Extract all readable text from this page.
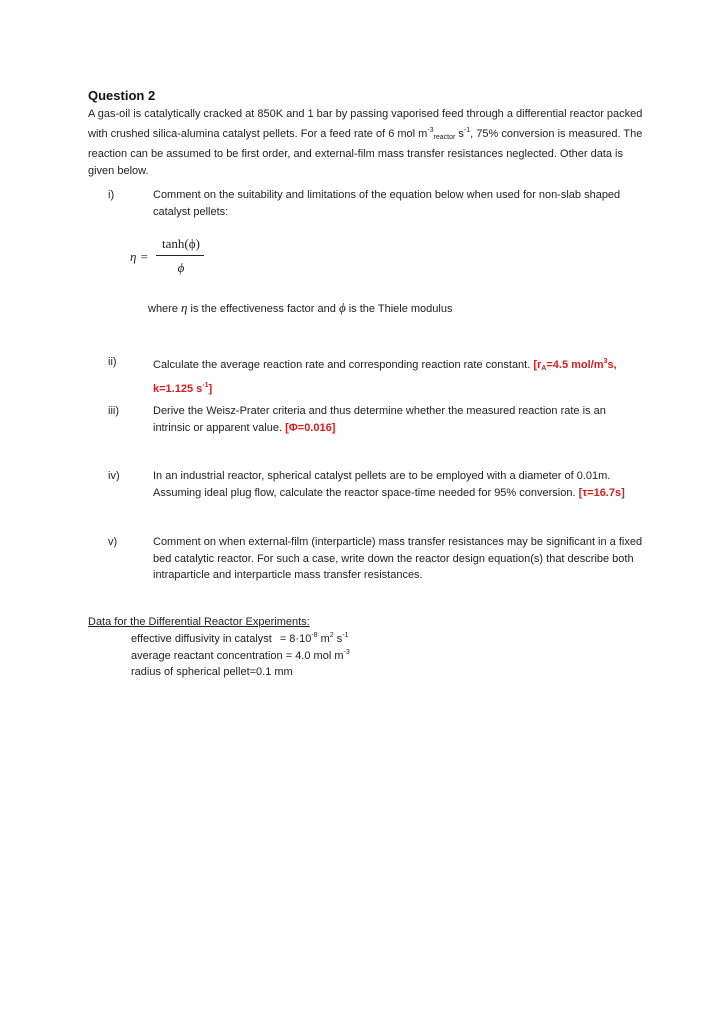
Question 2
A gas-oil is catalytically cracked at 850K and 1 bar by passing vaporised feed through a differential reactor packed with crushed silica-alumina catalyst pellets. For a feed rate of 6 mol $m^{-3}_{reactor}$ $s^{-1}$, 75% conversion is measured. The reaction can be assumed to be first order, and external-film mass transfer resistances neglected. Other data is given below.
i)	Comment on the suitability and limitations of the equation below when used for non-slab shaped catalyst pellets:
η =
tanh(ϕ)
ϕ
where η is the effectiveness factor and ϕ is the Thiele modulus
ii)	Calculate the average reaction rate and corresponding reaction rate constant. [$r_A=4.5$ mol/$m^3s$, k=1.125 $s^{-1}$]
iii)	Derive the Weisz-Prater criteria and thus determine whether the measured reaction rate is an intrinsic or apparent value. [Φ=0.016]
iv)	In an industrial reactor, spherical catalyst pellets are to be employed with a diameter of 0.01m. Assuming ideal plug flow, calculate the reactor space-time needed for 95% conversion. [τ=16.7s]
v)	Comment on when external-film (interparticle) mass transfer resistances may be significant in a fixed bed catalytic reactor. For such a case, write down the reactor design equation(s) that describe both intraparticle and interparticle mass transfer resistances.
Data for the Differential Reactor Experiments:
effective diffusivity in catalyst = $8\cdot 10^{-8}$ $m^2$ $s^{-1}$
average reactant concentration = 4.0 mol $m^{-3}$
radius of spherical pellet=0.1 mm
